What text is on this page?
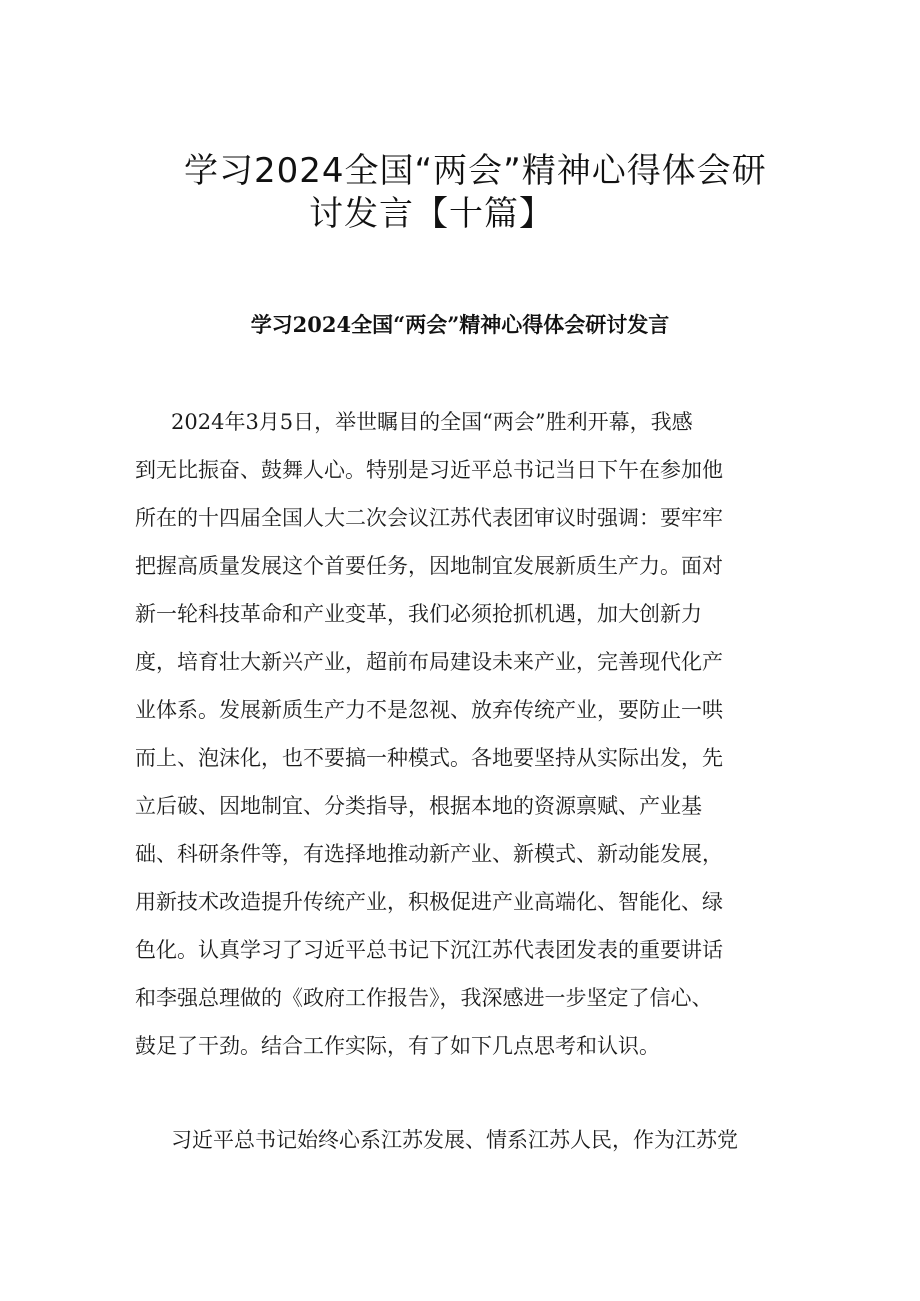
学习2024全国“两会”精神心得体会研
讨发言【十篇】
学习2024全国“两会”精神心得体会研讨发言
2024年3月5日，举世瞩目的全国“两会”胜利开幕，我感
到无比振奋、鼓舞人心。特别是习近平总书记当日下午在参加他
所在的十四届全国人大二次会议江苏代表团审议时强调：要牢牢
把握高质量发展这个首要任务，因地制宜发展新质生产力。面对
新一轮科技革命和产业变革，我们必须抢抓机遇，加大创新力
度，培育壮大新兴产业，超前布局建设未来产业，完善现代化产
业体系。发展新质生产力不是忽视、放弃传统产业，要防止一哄
而上、泡沫化，也不要搞一种模式。各地要坚持从实际出发，先
立后破、因地制宜、分类指导，根据本地的资源禀赋、产业基
础、科研条件等，有选择地推动新产业、新模式、新动能发展，
用新技术改造提升传统产业，积极促进产业高端化、智能化、绿
色化。认真学习了习近平总书记下沉江苏代表团发表的重要讲话
和李强总理做的《政府工作报告》，我深感进一步坚定了信心、
鼓足了干劲。结合工作实际，有了如下几点思考和认识。
习近平总书记始终心系江苏发展、情系江苏人民，作为江苏党
